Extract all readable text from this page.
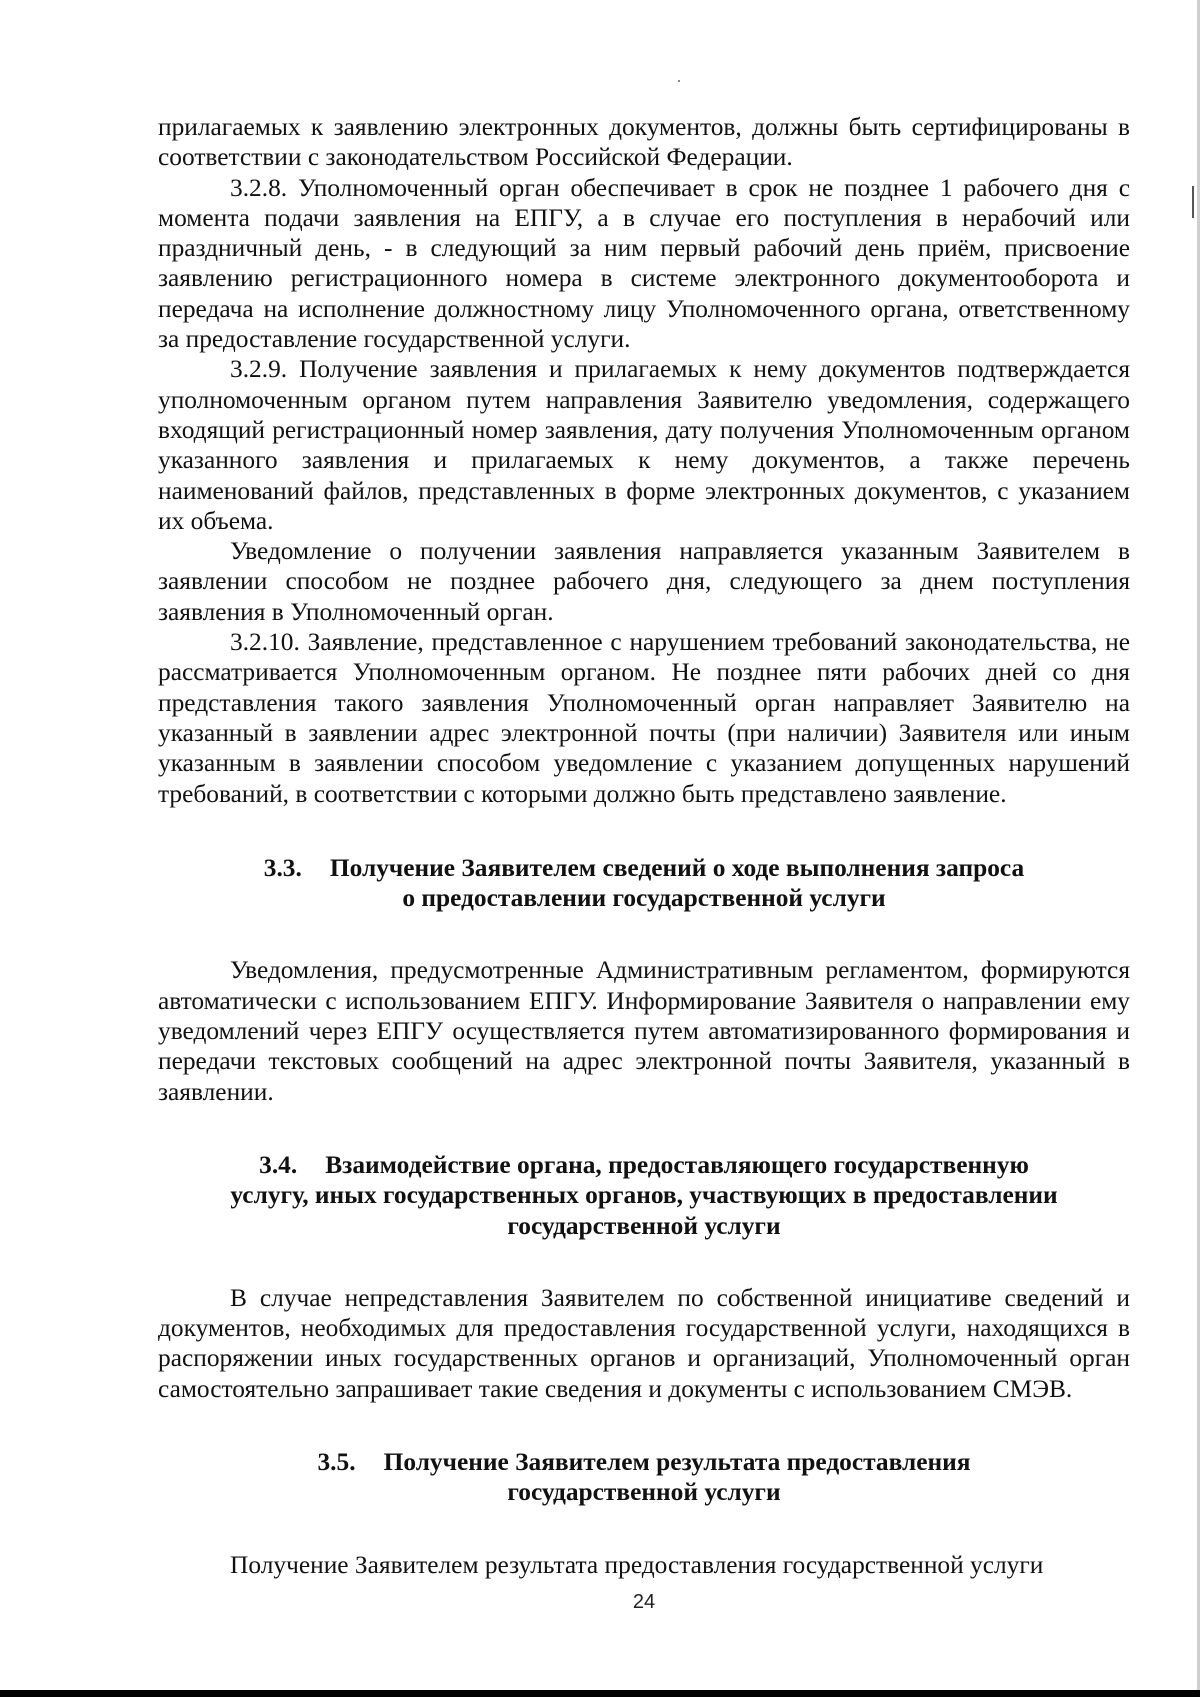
прилагаемых к заявлению электронных документов, должны быть сертифицированы в соответствии с законодательством Российской Федерации.

3.2.8. Уполномоченный орган обеспечивает в срок не позднее 1 рабочего дня с момента подачи заявления на ЕПГУ, а в случае его поступления в нерабочий или праздничный день, - в следующий за ним первый рабочий день приём, присвоение заявлению регистрационного номера в системе электронного документооборота и передача на исполнение должностному лицу Уполномоченного органа, ответственному за предоставление государственной услуги.

3.2.9. Получение заявления и прилагаемых к нему документов подтверждается уполномоченным органом путем направления Заявителю уведомления, содержащего входящий регистрационный номер заявления, дату получения Уполномоченным органом указанного заявления и прилагаемых к нему документов, а также перечень наименований файлов, представленных в форме электронных документов, с указанием их объема.

Уведомление о получении заявления направляется указанным Заявителем в заявлении способом не позднее рабочего дня, следующего за днем поступления заявления в Уполномоченный орган.

3.2.10. Заявление, представленное с нарушением требований законодательства, не рассматривается Уполномоченным органом. Не позднее пяти рабочих дней со дня представления такого заявления Уполномоченный орган направляет Заявителю на указанный в заявлении адрес электронной почты (при наличии) Заявителя или иным указанным в заявлении способом уведомление с указанием допущенных нарушений требований, в соответствии с которыми должно быть представлено заявление.

3.3. Получение Заявителем сведений о ходе выполнения запроса
о предоставлении государственной услуги

Уведомления, предусмотренные Административным регламентом, формируются автоматически с использованием ЕПГУ. Информирование Заявителя о направлении ему уведомлений через ЕПГУ осуществляется путем автоматизированного формирования и передачи текстовых сообщений на адрес электронной почты Заявителя, указанный в заявлении.

3.4. Взаимодействие органа, предоставляющего государственную
услугу, иных государственных органов, участвующих в предоставлении
государственной услуги

В случае непредставления Заявителем по собственной инициативе сведений и документов, необходимых для предоставления государственной услуги, находящихся в распоряжении иных государственных органов и организаций, Уполномоченный орган самостоятельно запрашивает такие сведения и документы с использованием СМЭВ.

3.5. Получение Заявителем результата предоставления
государственной услуги

Получение Заявителем результата предоставления государственной услуги

24
